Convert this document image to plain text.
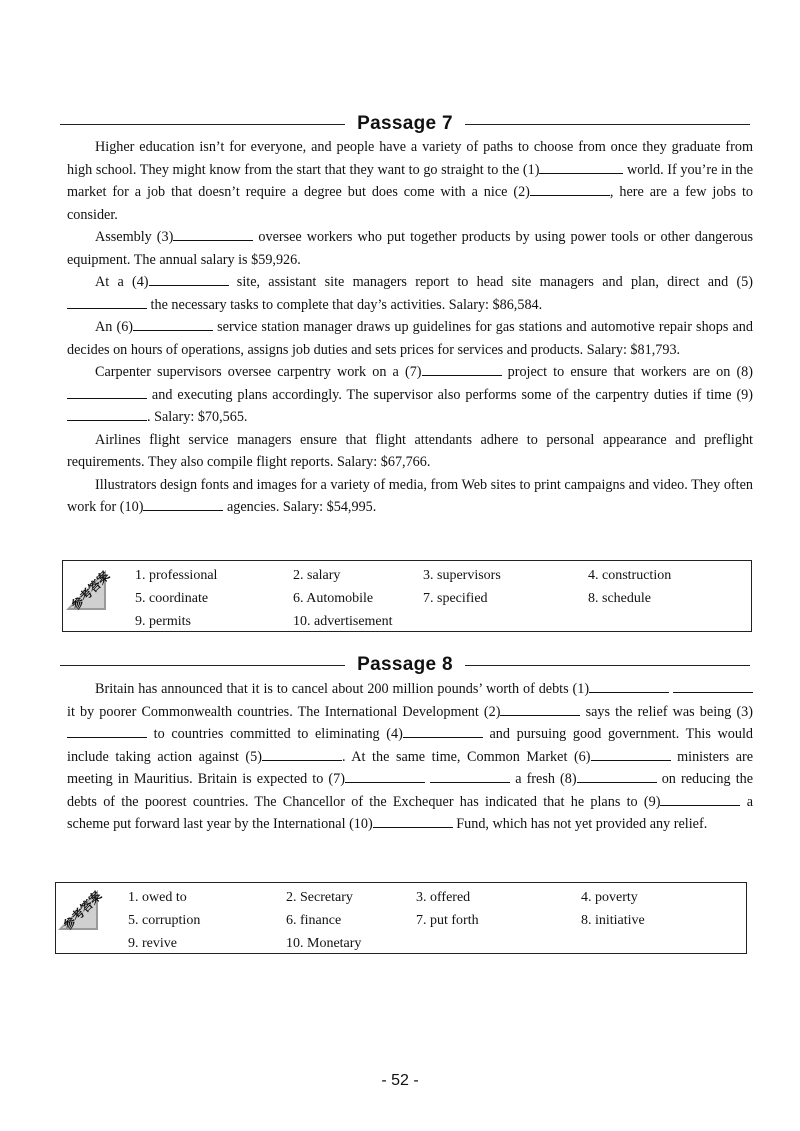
Passage 7

Higher education isn’t for everyone, and people have a variety of paths to choose from once they graduate from high school. They might know from the start that they want to go straight to the (1)	world. If you’re in the market for a job that doesn’t require a degree but does come with a nice (2)	, here are a few jobs to consider.

Assembly (3)	oversee workers who put together products by using power tools or other dangerous equipment. The annual salary is $59,926.

At a (4)	site, assistant site managers report to head site managers and plan, direct and (5) the necessary tasks to complete that day’s activities. Salary: $86,584.

An (6)	service station manager draws up guidelines for gas stations and automotive repair shops and decides on hours of operations, assigns job duties and sets prices for services and products. Salary: $81,793.

Carpenter supervisors oversee carpentry work on a (7)	project to ensure that workers are on (8) and executing plans accordingly. The supervisor also performs some of the carpentry duties if time (9). Salary: $70,565.

Airlines flight service managers ensure that flight attendants adhere to personal appearance and preflight requirements. They also compile flight reports. Salary: $67,766.

Illustrators design fonts and images for a variety of media, from Web sites to print campaigns and video. They often work for (10)	agencies. Salary: $54,995.

1. professional	2. salary	3. supervisors	4. construction
5. coordinate	6. Automobile	7. specified	8. schedule
9. permits	10. advertisement
参考答案
Passage 8

Britain has announced that it is to cancel about 200 million pounds’ worth of debts (1)  it by poorer Commonwealth countries. The International Development (2)	says the relief was being (3) to countries committed to eliminating (4)	and pursuing good government. This would include taking action against (5)	. At the same time, Common Market (6)	ministers are meeting in Mauritius. Britain is expected to (7)	a fresh (8)	on reducing the debts of the poorest countries. The Chancellor of the Exchequer has indicated that he plans to (9)	a scheme put forward last year by the International (10)	Fund, which has not yet provided any relief.

1. owed to	2. Secretary	3. offered	4. poverty
5. corruption	6. finance	7. put forth	8. initiative
9. revive	10. Monetary
参考答案
- 52 -
